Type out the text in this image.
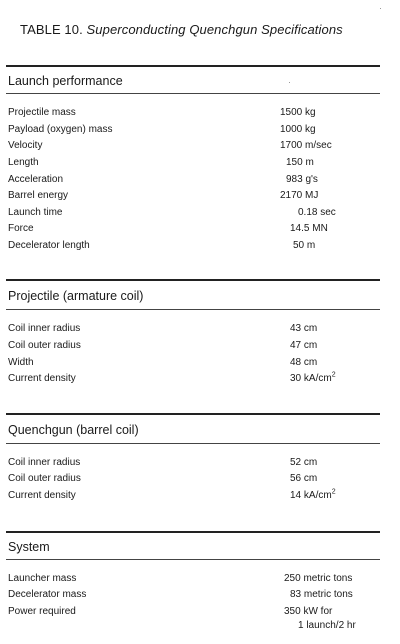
TABLE 10. Superconducting Quenchgun Specifications
Launch performance
Projectile mass	1500 kg
Payload (oxygen) mass	1000 kg
Velocity	1700 m/sec
Length	150 m
Acceleration	983 g's
Barrel energy	2170 MJ
Launch time	0.18 sec
Force	14.5 MN
Decelerator length	50 m
Projectile (armature coil)
Coil inner radius	43 cm
Coil outer radius	47 cm
Width	48 cm
Current density	30 $kA/cm^2$
Quenchgun (barrel coil)
Coil inner radius	52 cm
Coil outer radius	56 cm
Current density	14 $kA/cm^2$
System
Launcher mass	250 metric tons
Decelerator mass	83 metric tons
Power required	350 kW for
1 launch/2 hr
